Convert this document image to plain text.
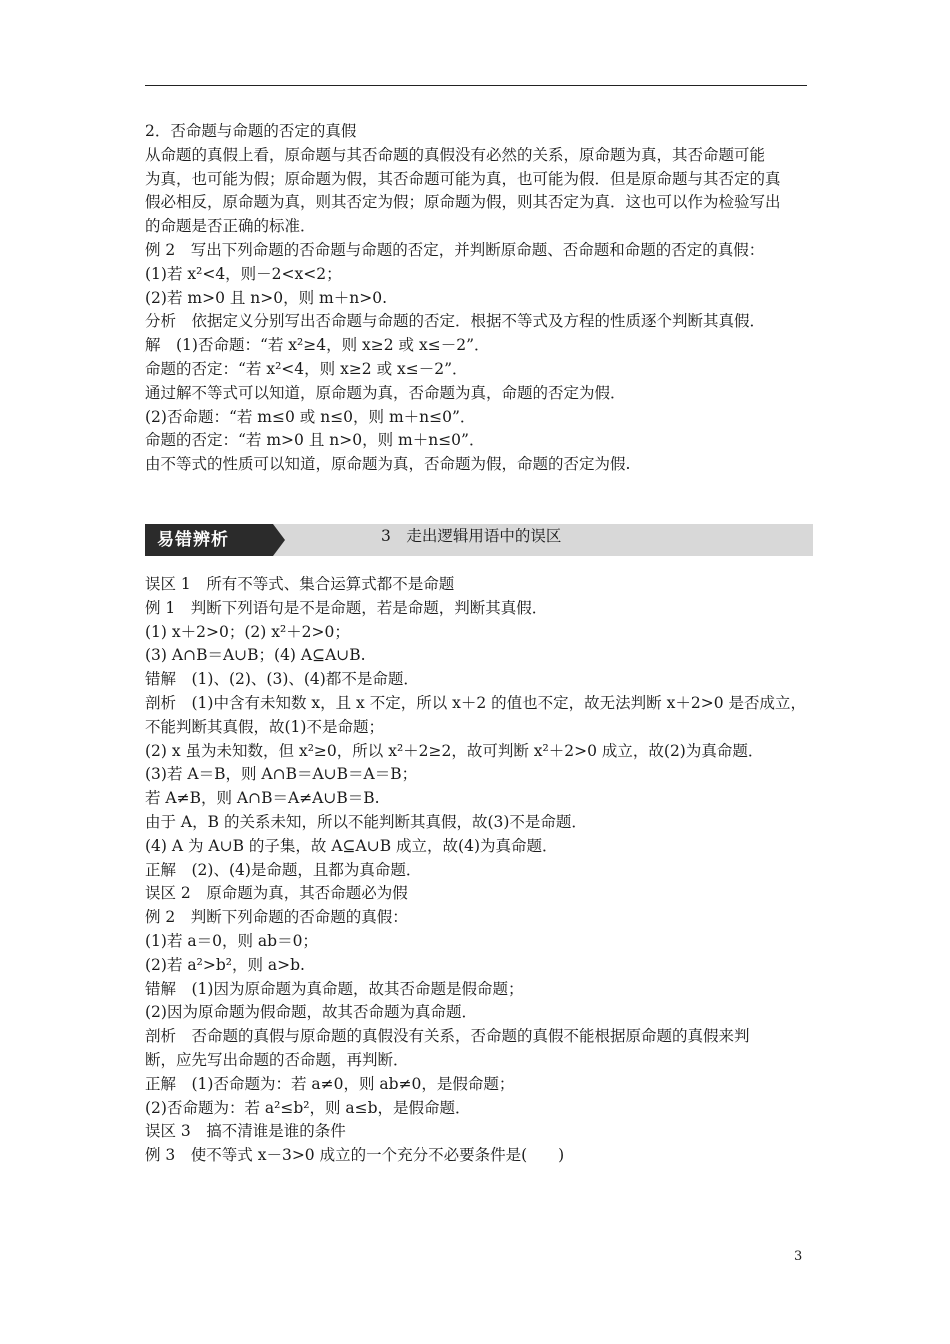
2．否命题与命题的否定的真假
从命题的真假上看，原命题与其否命题的真假没有必然的关系，原命题为真，其否命题可能
为真，也可能为假；原命题为假，其否命题可能为真，也可能为假．但是原命题与其否定的真
假必相反，原命题为真，则其否定为假；原命题为假，则其否定为真．这也可以作为检验写出
的命题是否正确的标准．
例 2　写出下列命题的否命题与命题的否定，并判断原命题、否命题和命题的否定的真假：
(1)若 x²<4，则－2<x<2；
(2)若 m>0 且 n>0，则 m＋n>0.
分析　依据定义分别写出否命题与命题的否定．根据不等式及方程的性质逐个判断其真假．
解　(1)否命题：“若 x²≥4，则 x≥2 或 x≤－2”．
命题的否定：“若 x²<4，则 x≥2 或 x≤－2”．
通过解不等式可以知道，原命题为真，否命题为真，命题的否定为假．
(2)否命题：“若 m≤0 或 n≤0，则 m＋n≤0”．
命题的否定：“若 m>0 且 n>0，则 m＋n≤0”．
由不等式的性质可以知道，原命题为真，否命题为假，命题的否定为假.
易错辨析	3　走出逻辑用语中的误区
误区 1　所有不等式、集合运算式都不是命题
例 1　判断下列语句是不是命题，若是命题，判断其真假．
(1) x＋2>0；(2) x²＋2>0；
(3) A∩B＝A∪B；(4) A⊆A∪B.
错解　(1)、(2)、(3)、(4)都不是命题．
剖析　(1)中含有未知数 x，且 x 不定，所以 x＋2 的值也不定，故无法判断 x＋2>0 是否成立，
不能判断其真假，故(1)不是命题；
(2) x 虽为未知数，但 x²≥0，所以 x²＋2≥2，故可判断 x²＋2>0 成立，故(2)为真命题．
(3)若 A＝B，则 A∩B＝A∪B＝A＝B；
若 A≠B，则 A∩B＝A≠A∪B＝B.
由于 A，B 的关系未知，所以不能判断其真假，故(3)不是命题．
(4) A 为 A∪B 的子集，故 A⊆A∪B 成立，故(4)为真命题．
正解　(2)、(4)是命题，且都为真命题．
误区 2　原命题为真，其否命题必为假
例 2　判断下列命题的否命题的真假：
(1)若 a＝0，则 ab＝0；
(2)若 a²>b²，则 a>b.
错解　(1)因为原命题为真命题，故其否命题是假命题；
(2)因为原命题为假命题，故其否命题为真命题．
剖析　否命题的真假与原命题的真假没有关系，否命题的真假不能根据原命题的真假来判
断，应先写出命题的否命题，再判断．
正解　(1)否命题为：若 a≠0，则 ab≠0，是假命题；
(2)否命题为：若 a²≤b²，则 a≤b，是假命题．
误区 3　搞不清谁是谁的条件
例 3　使不等式 x－3>0 成立的一个充分不必要条件是(　　)
3
